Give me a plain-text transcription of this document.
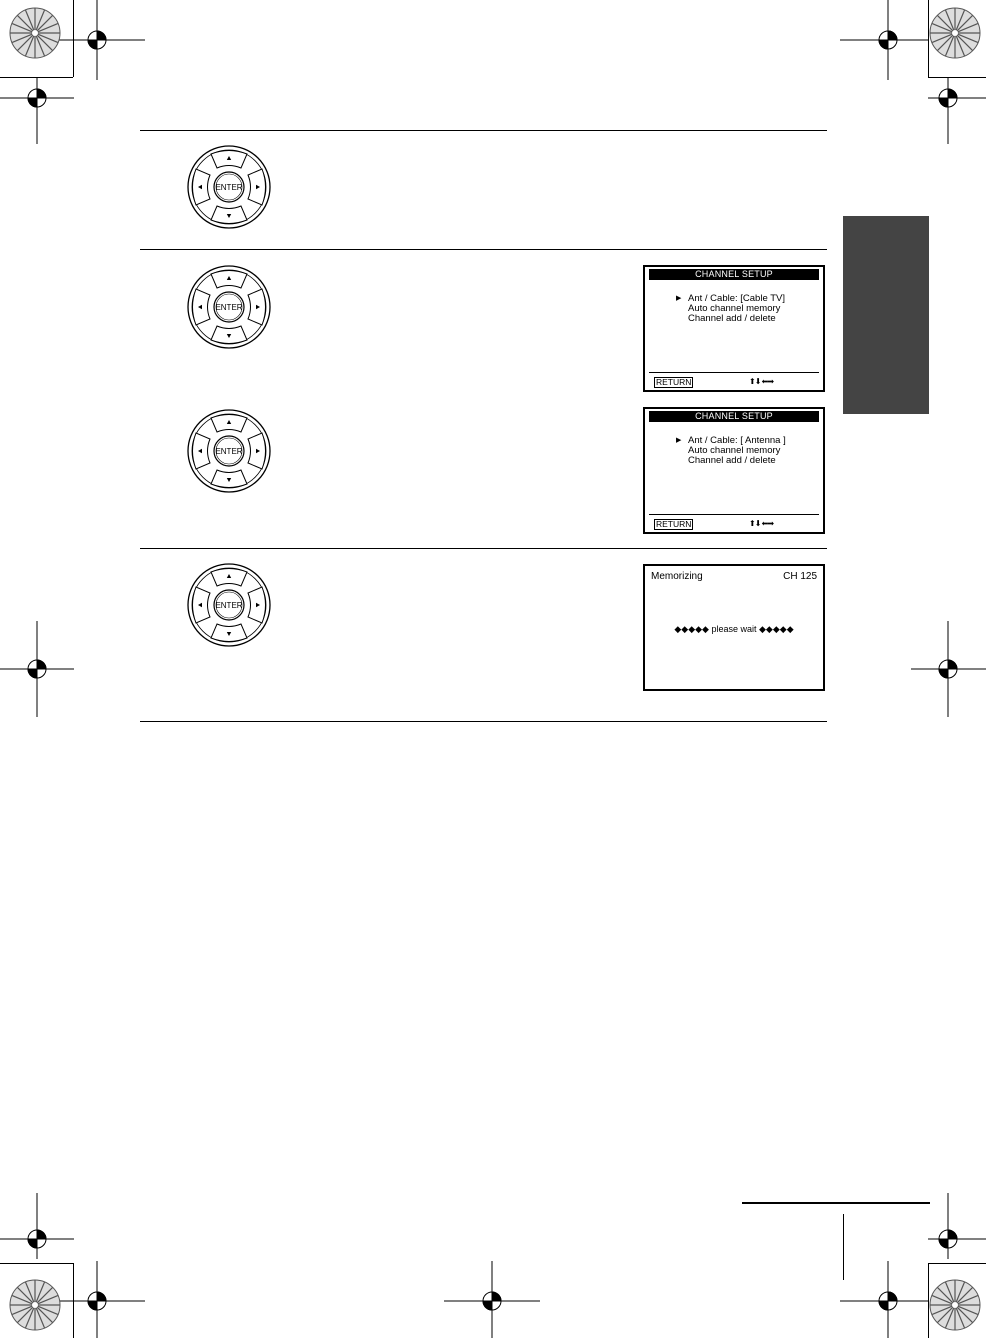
ENTER
ENTER
ENTER
ENTER
CHANNEL SETUP
▶ Ant / Cable: [Cable TV]
Auto channel memory
Channel add / delete
RETURN	⬆⬇ ⬅➡
CHANNEL SETUP
▶ Ant / Cable: [ Antenna ]
Auto channel memory
Channel add / delete
RETURN	⬆⬇ ⬅➡
Memorizing	CH 125
◆◆◆◆◆ please wait ◆◆◆◆◆
